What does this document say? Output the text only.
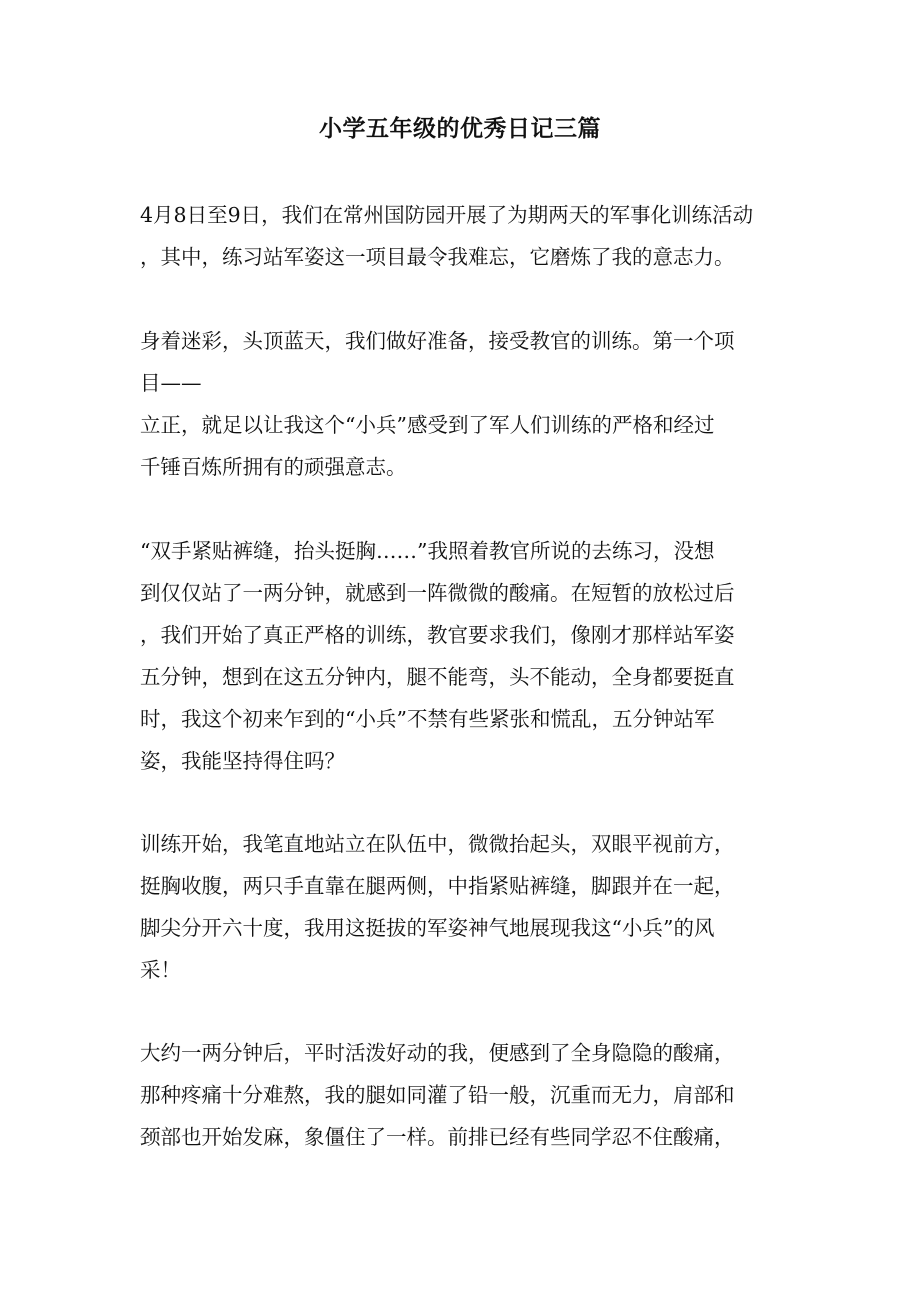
小学五年级的优秀日记三篇
4月8日至9日，我们在常州国防园开展了为期两天的军事化训练活动
，其中，练习站军姿这一项目最令我难忘，它磨炼了我的意志力。
身着迷彩，头顶蓝天，我们做好准备，接受教官的训练。第一个项
目——
立正，就足以让我这个“小兵”感受到了军人们训练的严格和经过
千锤百炼所拥有的顽强意志。
“双手紧贴裤缝，抬头挺胸……”我照着教官所说的去练习，没想
到仅仅站了一两分钟，就感到一阵微微的酸痛。在短暂的放松过后
，我们开始了真正严格的训练，教官要求我们，像刚才那样站军姿
五分钟，想到在这五分钟内，腿不能弯，头不能动，全身都要挺直
时，我这个初来乍到的“小兵”不禁有些紧张和慌乱，五分钟站军
姿，我能坚持得住吗？
训练开始，我笔直地站立在队伍中，微微抬起头，双眼平视前方，
挺胸收腹，两只手直靠在腿两侧，中指紧贴裤缝，脚跟并在一起，
脚尖分开六十度，我用这挺拔的军姿神气地展现我这“小兵”的风
采！
大约一两分钟后，平时活泼好动的我，便感到了全身隐隐的酸痛，
那种疼痛十分难熬，我的腿如同灌了铅一般，沉重而无力，肩部和
颈部也开始发麻，象僵住了一样。前排已经有些同学忍不住酸痛，
